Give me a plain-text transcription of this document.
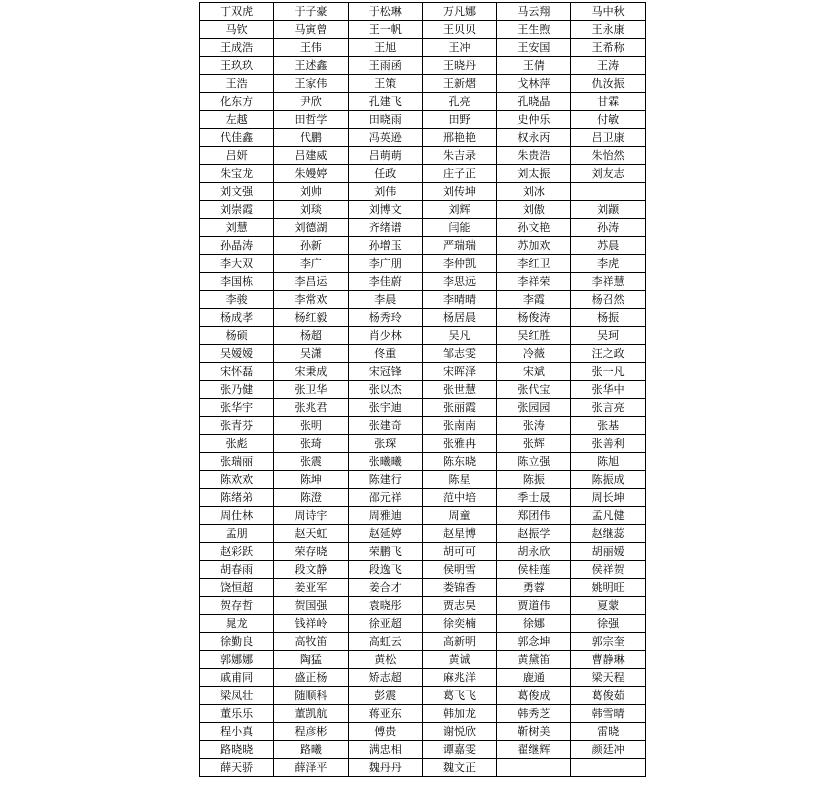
丁双虎	于子豪	于松琳	万凡娜	马云翔	马中秋
马钦	马寅曾	王一帆	王贝贝	王生煦	王永康
王成浩	王伟	王旭	王冲	王安国	王希称
王玖玖	王述鑫	王雨函	王晓丹	王倩	王涛
王浩	王家伟	王策	王新熠	戈林萍	仇汝振
化东方	尹欣	孔建飞	孔亮	孔晓晶	甘霖
左越	田哲学	田晓雨	田野	史仲乐	付敏
代佳鑫	代鹏	冯英逊	邢艳艳	权永丙	吕卫康
吕妍	吕建威	吕萌萌	朱吉录	朱贵浩	朱怡然
朱宝龙	朱嫚婷	任政	庄子正	刘太振	刘友志
刘文强	刘帅	刘伟	刘传坤	刘冰	
刘崇霞	刘琰	刘博文	刘辉	刘傲	刘颛
刘慧	刘德湖	齐绪谱	闫能	孙文艳	孙涛
孙晶涛	孙新	孙增玉	严瑞瑞	苏加欢	苏晨
李大双	李广	李广朋	李仲凯	李红卫	李虎
李国栋	李昌运	李佳蔚	李思远	李祥荣	李祥慧
李骏	李常欢	李晨	李晴晴	李霞	杨召然
杨成孝	杨红毅	杨秀玲	杨居晨	杨俊涛	杨振
杨硕	杨超	肖少林	吴凡	吴红胜	吴珂
吴嫒嫒	吴潇	佟重	邹志雯	冷薇	汪之政
宋怀磊	宋秉成	宋冠锋	宋晖泽	宋斌	张一凡
张乃健	张卫华	张以杰	张世慧	张代宝	张华中
张华宇	张兆君	张宇迪	张丽霞	张园园	张言亮
张青芬	张明	张建奇	张南南	张涛	张基
张彪	张琦	张琛	张雅冉	张辉	张善利
张瑞丽	张震	张曦曦	陈东晓	陈立强	陈旭
陈欢欢	陈坤	陈建行	陈星	陈振	陈振成
陈绪弟	陈澄	邵元祥	范中培	季士晟	周长坤
周仕林	周诗宇	周雅迪	周童	郑团伟	孟凡健
孟朋	赵天虹	赵延婷	赵星博	赵振学	赵继蕊
赵彩跃	荣存晓	荣鹏飞	胡可可	胡永欣	胡丽嫒
胡春雨	段文静	段逸飞	侯明雪	侯桂莲	侯祥贺
饶恒超	姜亚军	姜合才	娄锦香	勇蓉	姚明旺
贺存哲	贺国强	袁晓彤	贾志昊	贾道伟	夏蒙
晁龙	钱祥岭	徐亚超	徐奕楠	徐娜	徐强
徐勤良	高牧笛	高虹云	高新明	郭念坤	郭宗奎
郭娜娜	陶猛	黄松	黄诚	黄黛笛	曹静琳
戚甫同	盛正杨	矫志超	麻兆洋	鹿通	梁天程
梁凤壮	随顺科	彭震	葛飞飞	葛俊成	葛俊茹
董乐乐	董凯航	蒋亚东	韩加龙	韩秀芝	韩雪晴
程小真	程彦彬	傅贵	谢悦欣	靳树美	雷晓
路晓晓	路曦	满忠相	谭嘉雯	翟继辉	颜廷冲
薛天骄	薛泽平	魏丹丹	魏文正		
